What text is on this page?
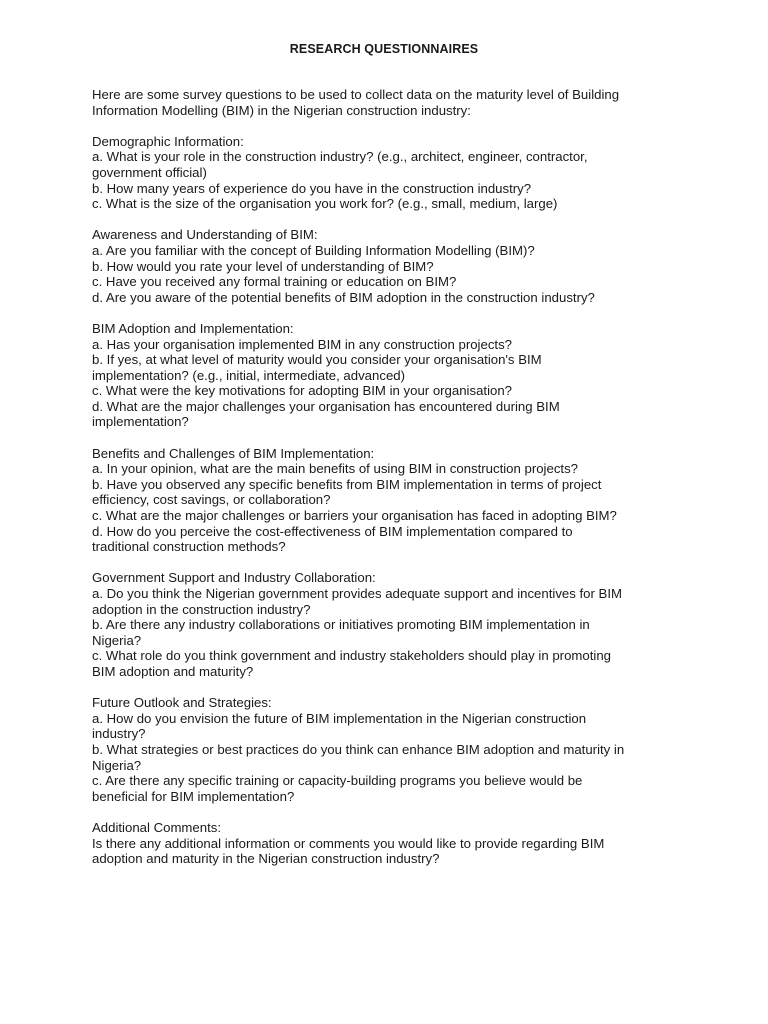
RESEARCH QUESTIONNAIRES

Here are some survey questions to be used to collect data on the maturity level of Building
Information Modelling (BIM) in the Nigerian construction industry:

Demographic Information:
a. What is your role in the construction industry? (e.g., architect, engineer, contractor,
government official)
b. How many years of experience do you have in the construction industry?
c. What is the size of the organisation you work for? (e.g., small, medium, large)
Awareness and Understanding of BIM:
a. Are you familiar with the concept of Building Information Modelling (BIM)?
b. How would you rate your level of understanding of BIM?
c. Have you received any formal training or education on BIM?
d. Are you aware of the potential benefits of BIM adoption in the construction industry?
BIM Adoption and Implementation:
a. Has your organisation implemented BIM in any construction projects?
b. If yes, at what level of maturity would you consider your organisation's BIM
implementation? (e.g., initial, intermediate, advanced)
c. What were the key motivations for adopting BIM in your organisation?
d. What are the major challenges your organisation has encountered during BIM
implementation?
Benefits and Challenges of BIM Implementation:
a. In your opinion, what are the main benefits of using BIM in construction projects?
b. Have you observed any specific benefits from BIM implementation in terms of project
efficiency, cost savings, or collaboration?
c. What are the major challenges or barriers your organisation has faced in adopting BIM?
d. How do you perceive the cost-effectiveness of BIM implementation compared to
traditional construction methods?
Government Support and Industry Collaboration:
a. Do you think the Nigerian government provides adequate support and incentives for BIM
adoption in the construction industry?
b. Are there any industry collaborations or initiatives promoting BIM implementation in
Nigeria?
c. What role do you think government and industry stakeholders should play in promoting
BIM adoption and maturity?
Future Outlook and Strategies:
a. How do you envision the future of BIM implementation in the Nigerian construction
industry?
b. What strategies or best practices do you think can enhance BIM adoption and maturity in
Nigeria?
c. Are there any specific training or capacity-building programs you believe would be
beneficial for BIM implementation?
Additional Comments:
Is there any additional information or comments you would like to provide regarding BIM
adoption and maturity in the Nigerian construction industry?
